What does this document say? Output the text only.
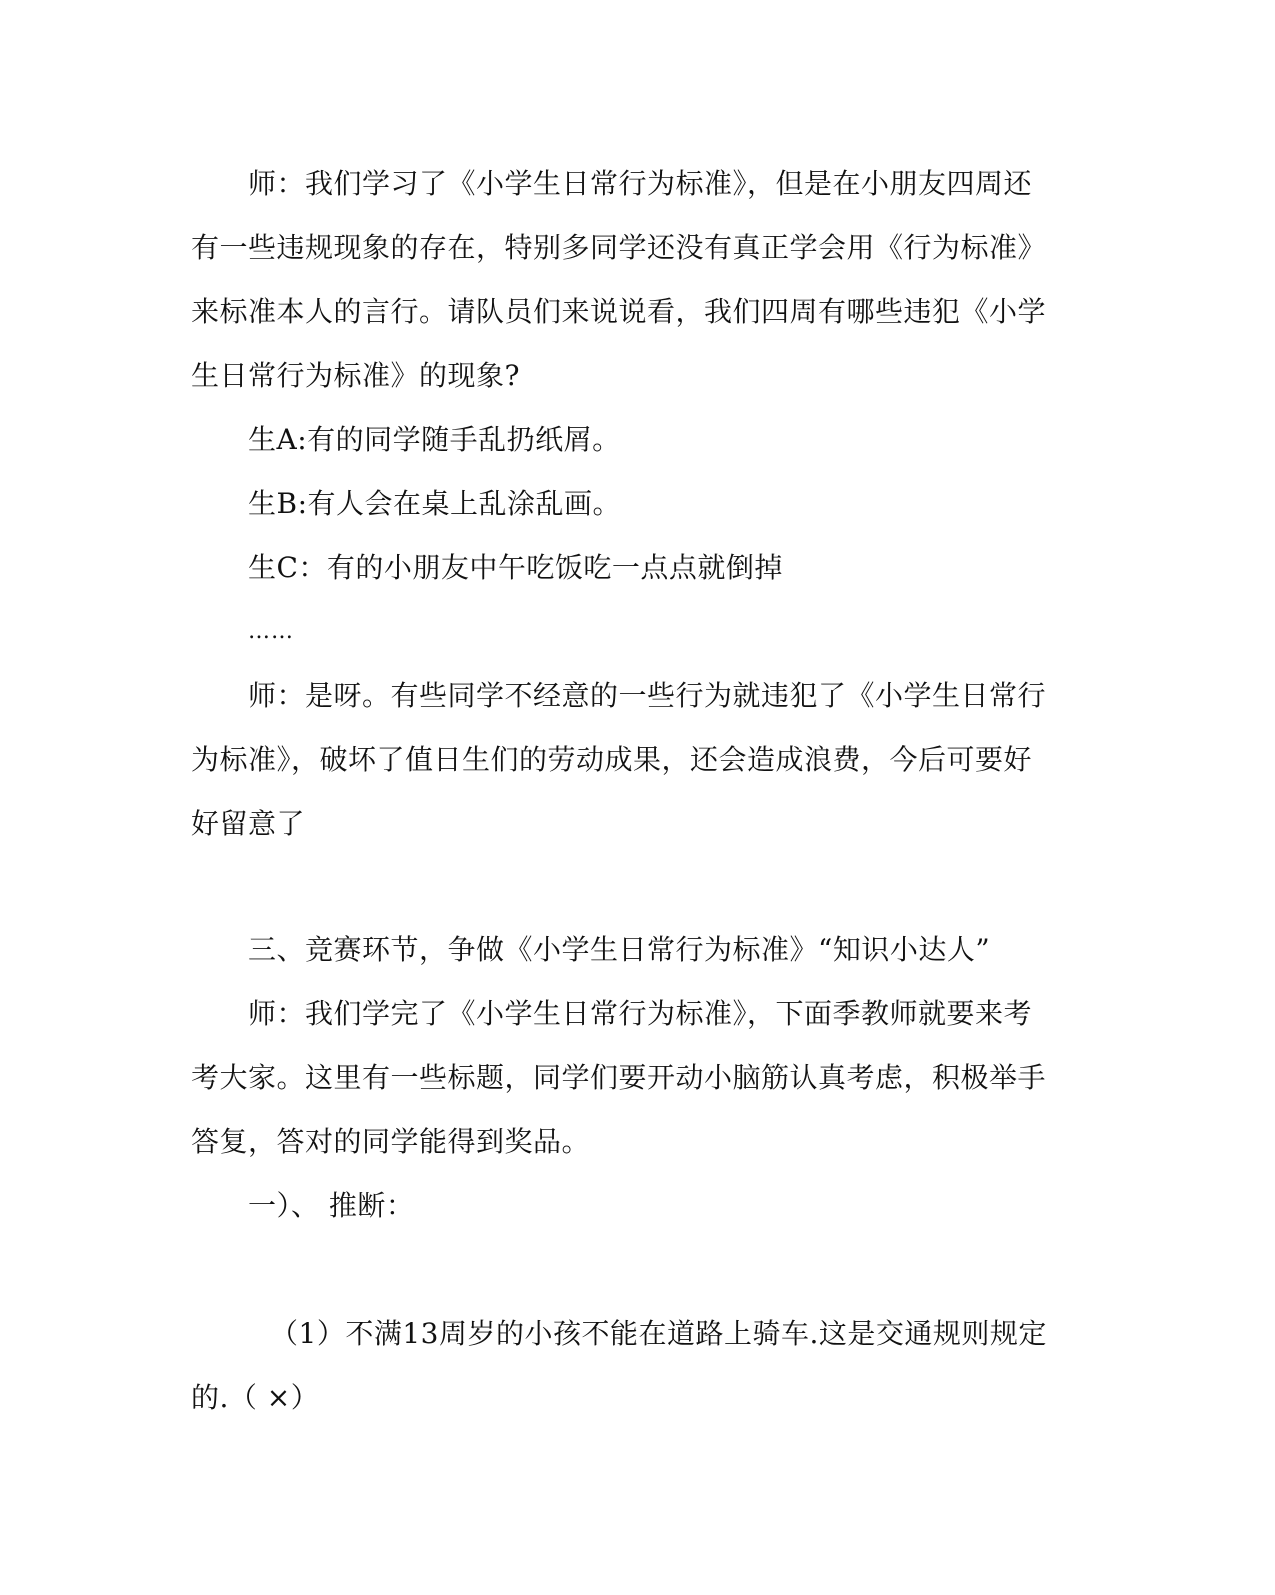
师：我们学习了《小学生日常行为标准》，但是在小朋友四周还
有一些违规现象的存在，特别多同学还没有真正学会用《行为标准》
来标准本人的言行。请队员们来说说看，我们四周有哪些违犯《小学
生日常行为标准》的现象?
生A:有的同学随手乱扔纸屑。
生B:有人会在桌上乱涂乱画。
生C：有的小朋友中午吃饭吃一点点就倒掉
……
师：是呀。有些同学不经意的一些行为就违犯了《小学生日常行
为标准》，破坏了值日生们的劳动成果，还会造成浪费，今后可要好
好留意了
三、竞赛环节，争做《小学生日常行为标准》“知识小达人”
师：我们学完了《小学生日常行为标准》，下面季教师就要来考
考大家。这里有一些标题，同学们要开动小脑筋认真考虑，积极举手
答复，答对的同学能得到奖品。
一）、 推断：
（1）不满13周岁的小孩不能在道路上骑车.这是交通规则规定
的.（ ×）
